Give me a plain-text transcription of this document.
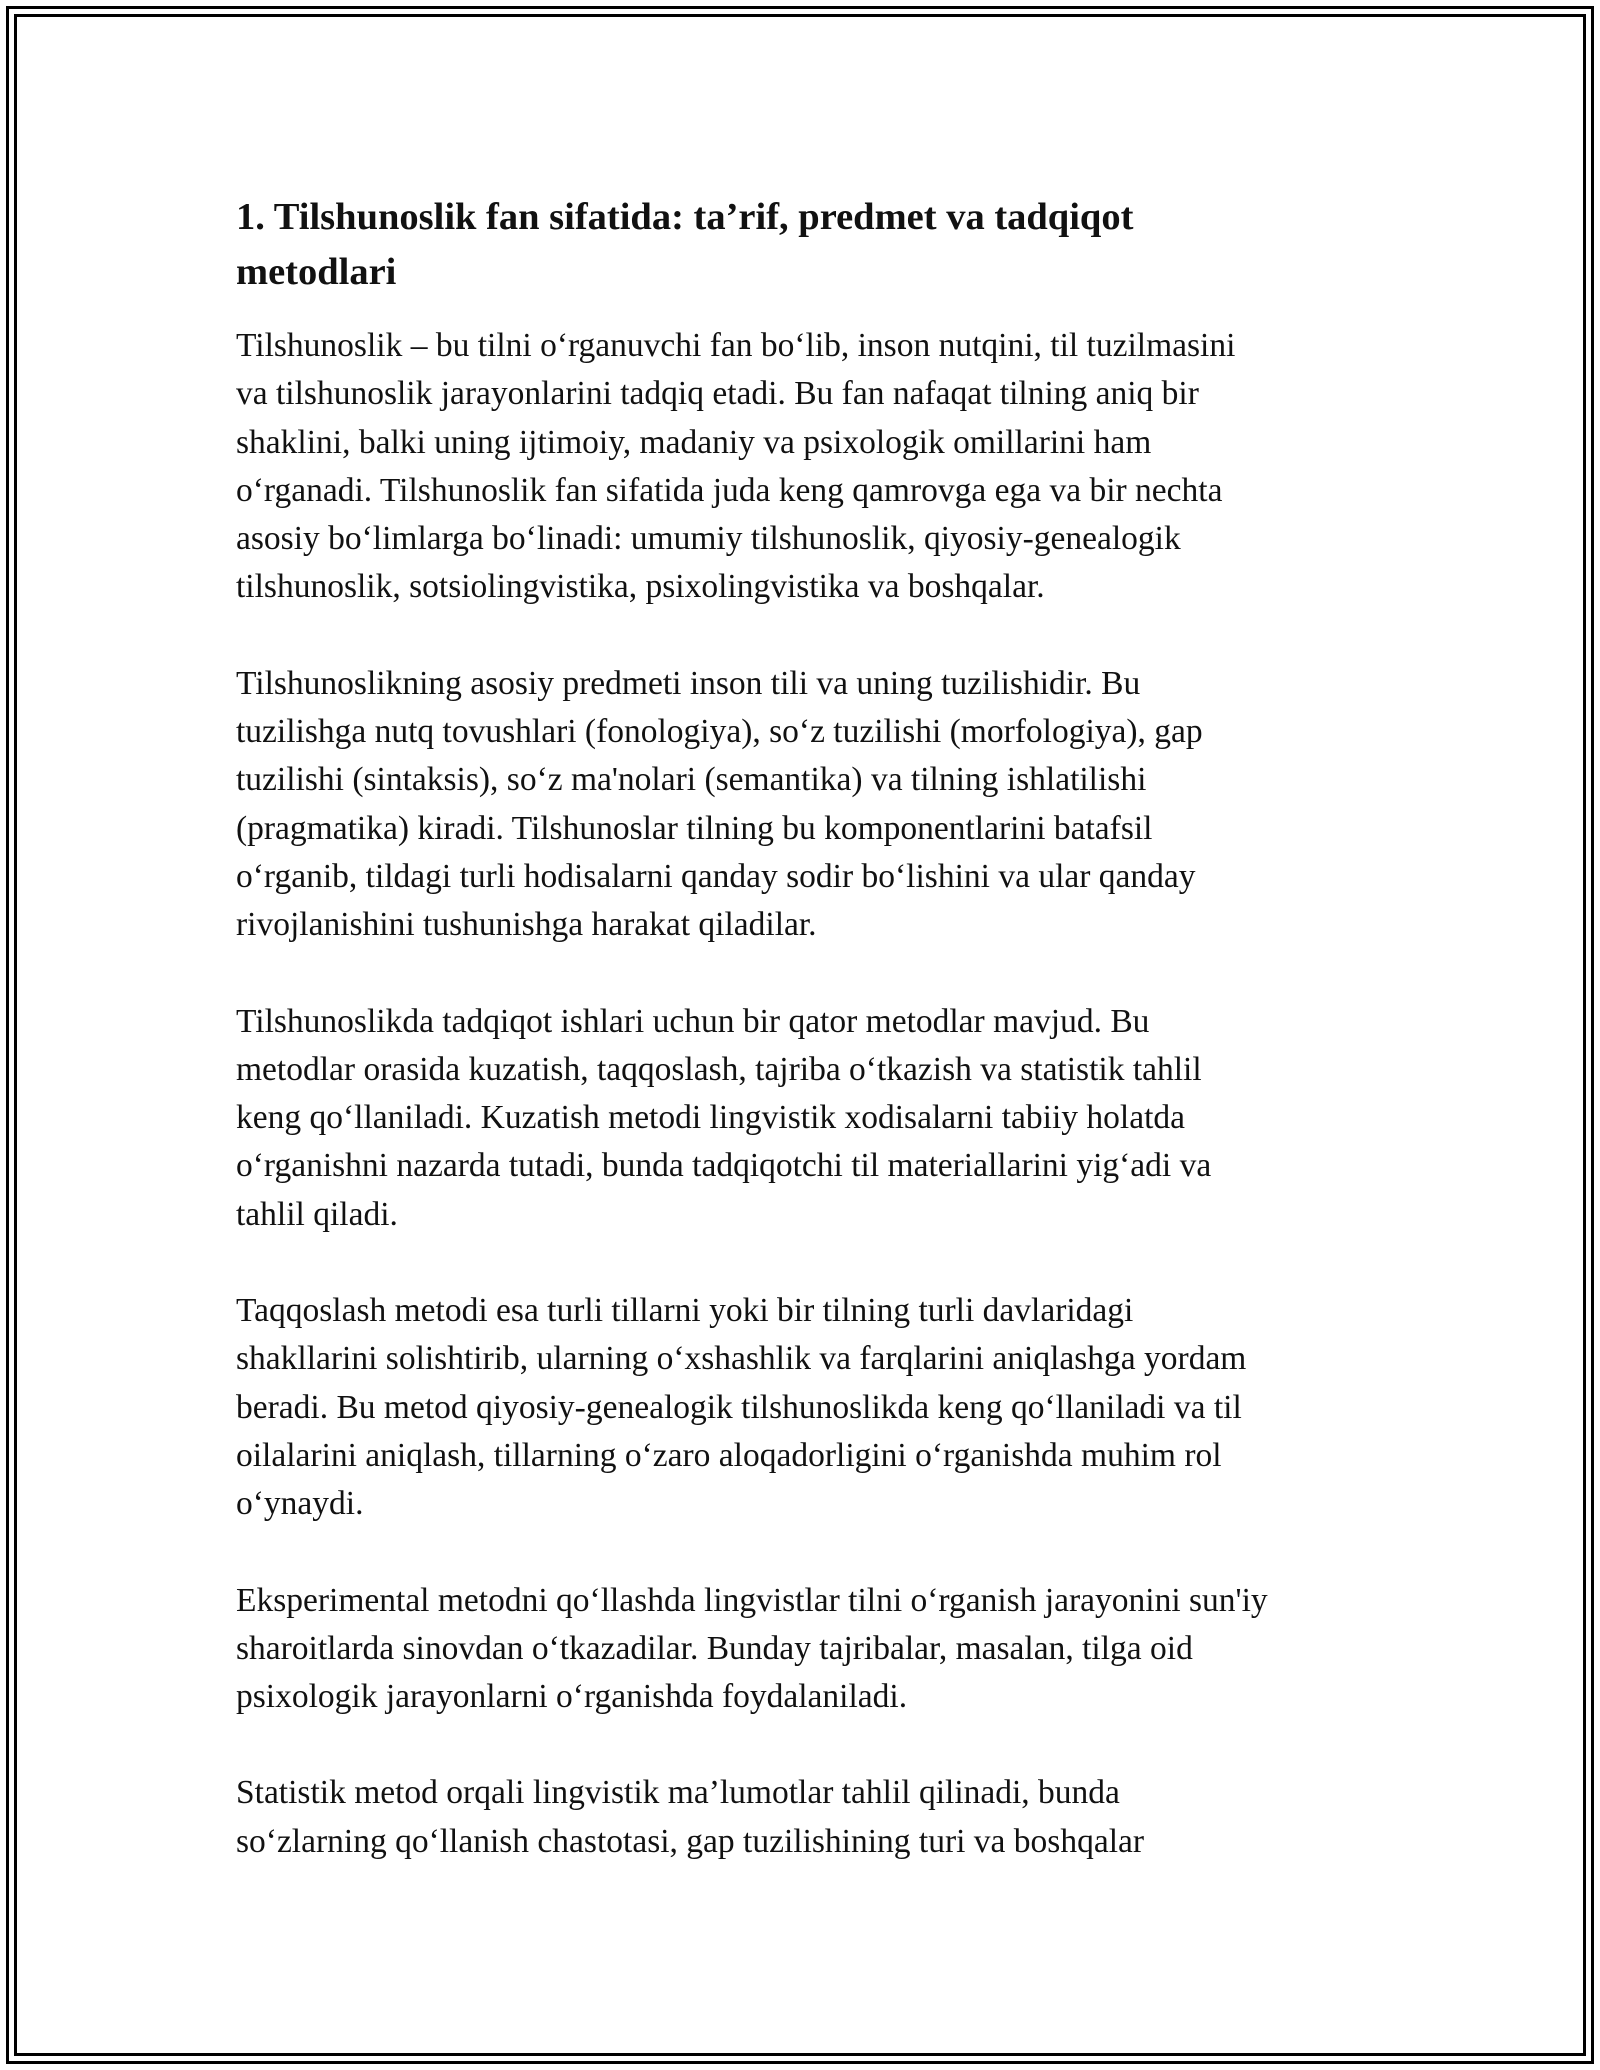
1. Tilshunoslik fan sifatida: ta’rif, predmet va tadqiqot
metodlari

Tilshunoslik – bu tilni o‘rganuvchi fan bo‘lib, inson nutqini, til tuzilmasini
va tilshunoslik jarayonlarini tadqiq etadi. Bu fan nafaqat tilning aniq bir
shaklini, balki uning ijtimoiy, madaniy va psixologik omillarini ham
o‘rganadi. Tilshunoslik fan sifatida juda keng qamrovga ega va bir nechta
asosiy bo‘limlarga bo‘linadi: umumiy tilshunoslik, qiyosiy-genealogik
tilshunoslik, sotsiolingvistika, psixolingvistika va boshqalar.

Tilshunoslikning asosiy predmeti inson tili va uning tuzilishidir. Bu
tuzilishga nutq tovushlari (fonologiya), so‘z tuzilishi (morfologiya), gap
tuzilishi (sintaksis), so‘z ma'nolari (semantika) va tilning ishlatilishi
(pragmatika) kiradi. Tilshunoslar tilning bu komponentlarini batafsil
o‘rganib, tildagi turli hodisalarni qanday sodir bo‘lishini va ular qanday
rivojlanishini tushunishga harakat qiladilar.

Tilshunoslikda tadqiqot ishlari uchun bir qator metodlar mavjud. Bu
metodlar orasida kuzatish, taqqoslash, tajriba o‘tkazish va statistik tahlil
keng qo‘llaniladi. Kuzatish metodi lingvistik xodisalarni tabiiy holatda
o‘rganishni nazarda tutadi, bunda tadqiqotchi til materiallarini yig‘adi va
tahlil qiladi.

Taqqoslash metodi esa turli tillarni yoki bir tilning turli davlaridagi
shakllarini solishtirib, ularning o‘xshashlik va farqlarini aniqlashga yordam
beradi. Bu metod qiyosiy-genealogik tilshunoslikda keng qo‘llaniladi va til
oilalarini aniqlash, tillarning o‘zaro aloqadorligini o‘rganishda muhim rol
o‘ynaydi.

Eksperimental metodni qo‘llashda lingvistlar tilni o‘rganish jarayonini sun'iy
sharoitlarda sinovdan o‘tkazadilar. Bunday tajribalar, masalan, tilga oid
psixologik jarayonlarni o‘rganishda foydalaniladi.

Statistik metod orqali lingvistik ma’lumotlar tahlil qilinadi, bunda
so‘zlarning qo‘llanish chastotasi, gap tuzilishining turi va boshqalar
